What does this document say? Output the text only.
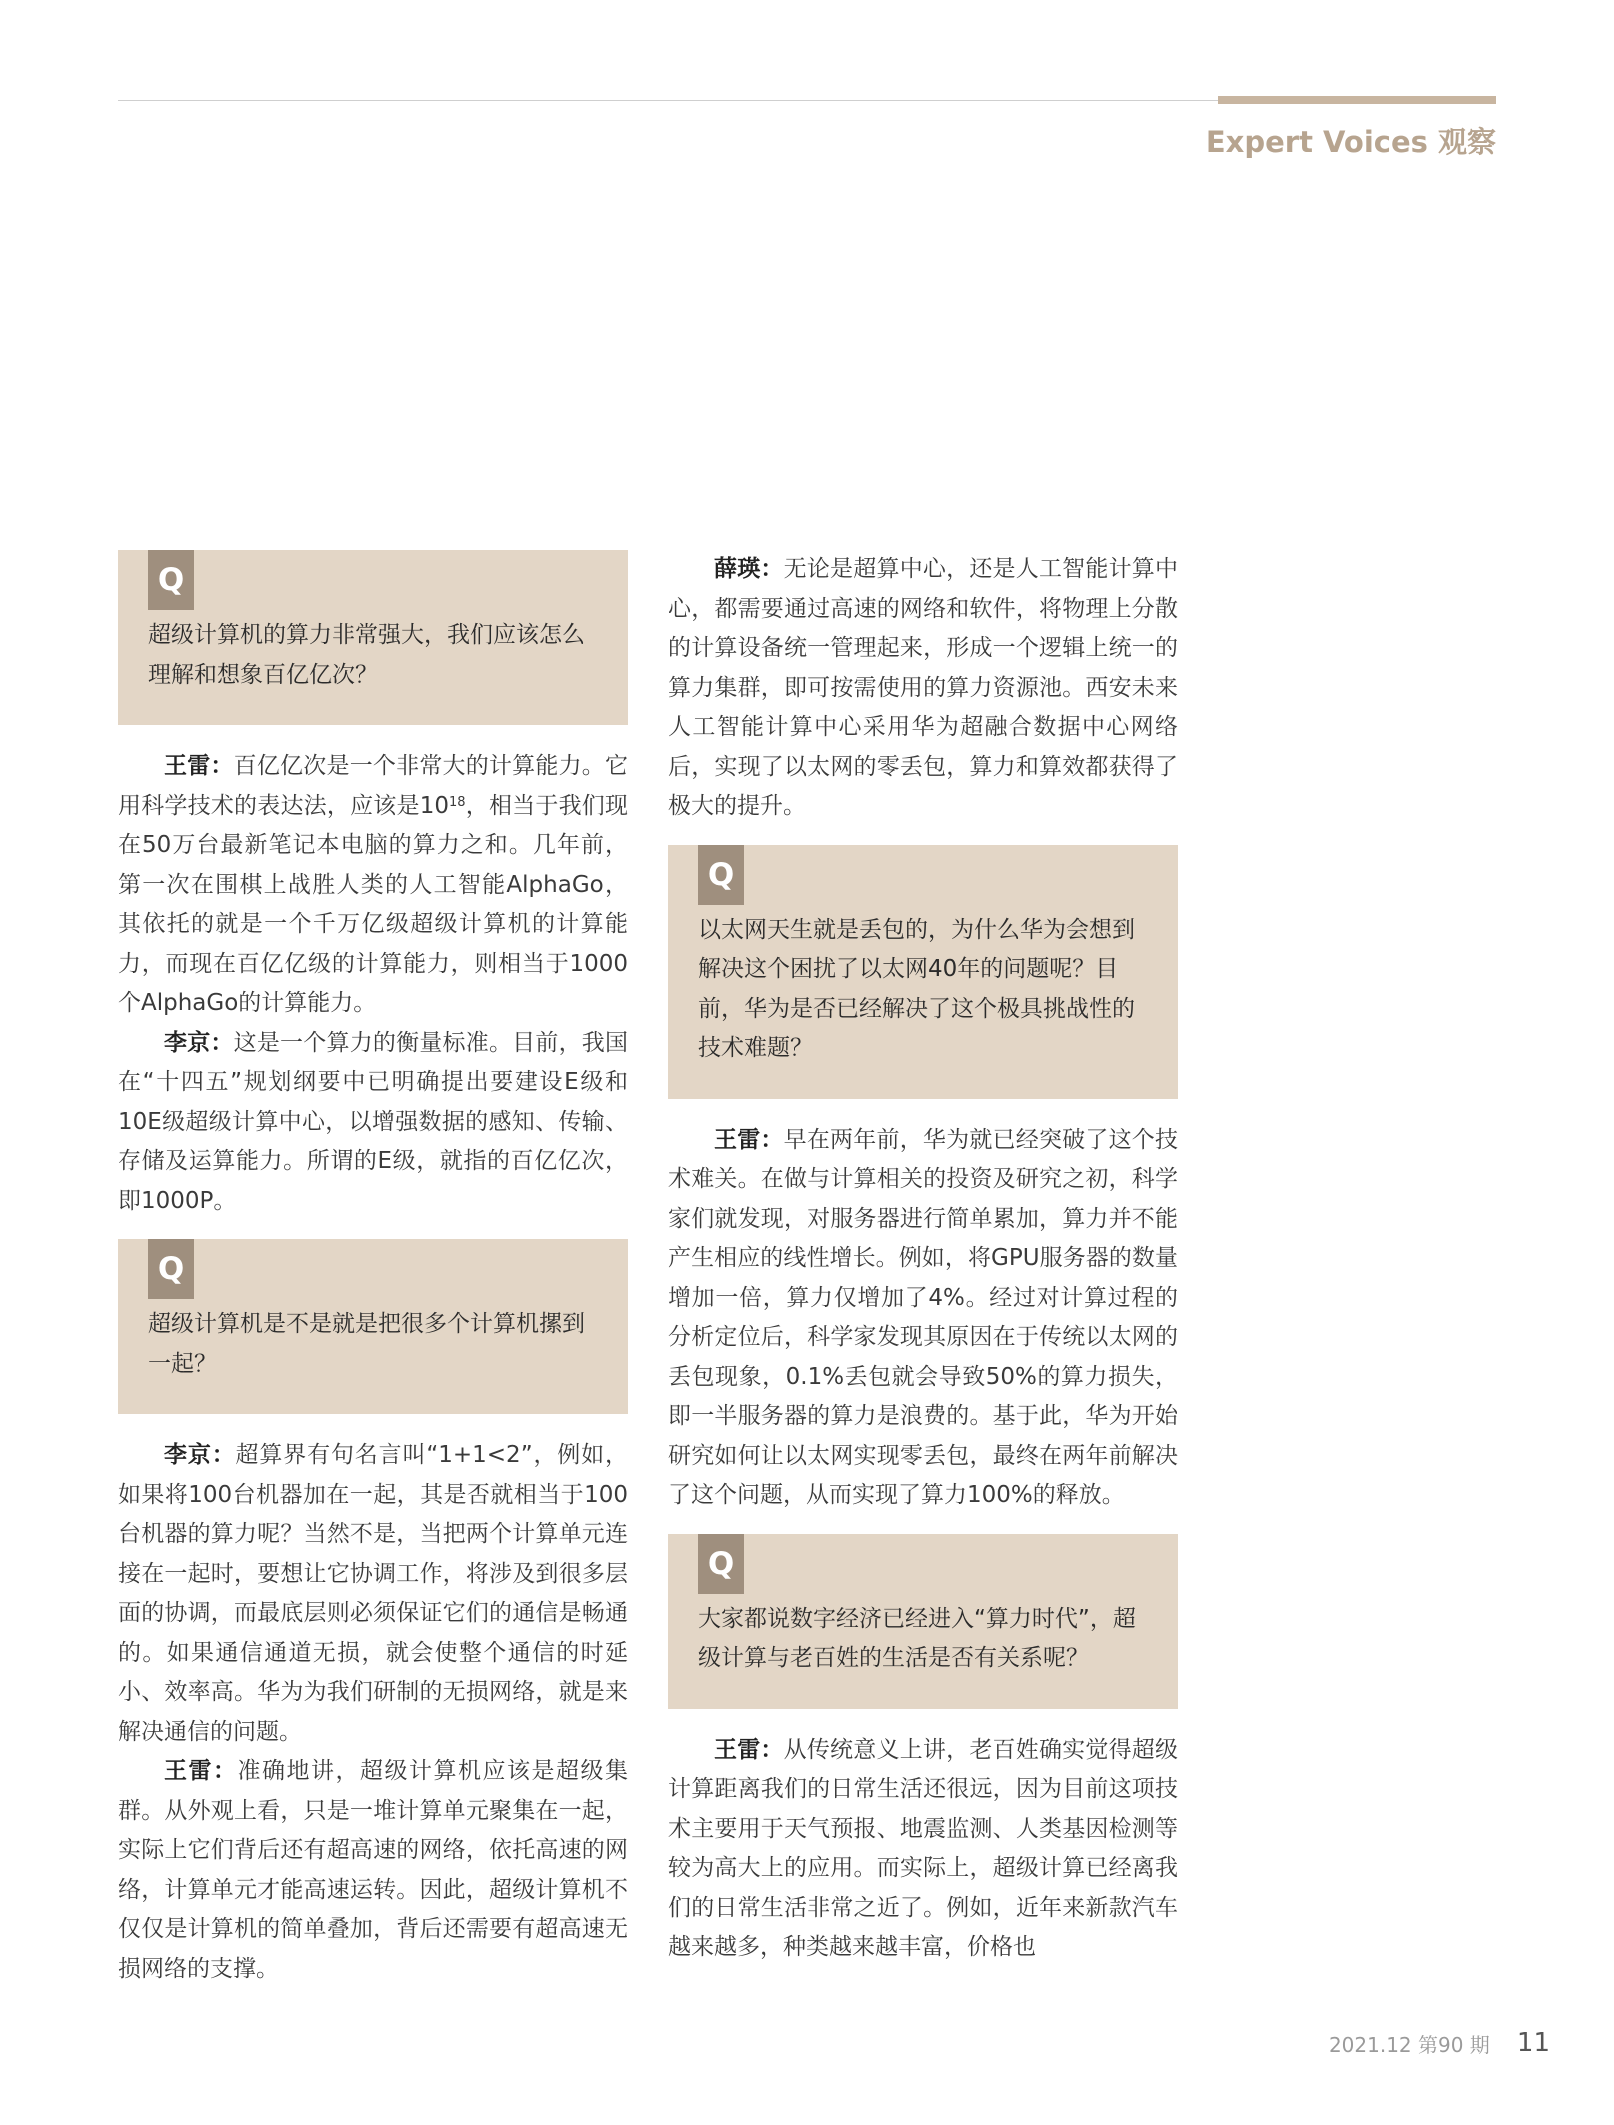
Expert Voices 观察
Q
超级计算机的算力非常强大，我们应该怎么理解和想象百亿亿次？

王雷：百亿亿次是一个非常大的计算能力。它用科学技术的表达法，应该是$10^{18}$，相当于我们现在50万台最新笔记本电脑的算力之和。几年前，第一次在围棋上战胜人类的人工智能AlphaGo，其依托的就是一个千万亿级超级计算机的计算能力，而现在百亿亿级的计算能力，则相当于1000个AlphaGo的计算能力。

李京：这是一个算力的衡量标准。目前，我国在“十四五”规划纲要中已明确提出要建设E级和10E级超级计算中心，以增强数据的感知、传输、存储及运算能力。所谓的E级，就指的百亿亿次，即1000P。

Q
超级计算机是不是就是把很多个计算机摞到一起？

李京：超算界有句名言叫“1+1<2”，例如，如果将100台机器加在一起，其是否就相当于100台机器的算力呢？当然不是，当把两个计算单元连接在一起时，要想让它协调工作，将涉及到很多层面的协调，而最底层则必须保证它们的通信是畅通的。如果通信通道无损，就会使整个通信的时延小、效率高。华为为我们研制的无损网络，就是来解决通信的问题。

王雷：准确地讲，超级计算机应该是超级集群。从外观上看，只是一堆计算单元聚集在一起，实际上它们背后还有超高速的网络，依托高速的网络，计算单元才能高速运转。因此，超级计算机不仅仅是计算机的简单叠加，背后还需要有超高速无损网络的支撑。

薛瑛：无论是超算中心，还是人工智能计算中心，都需要通过高速的网络和软件，将物理上分散的计算设备统一管理起来，形成一个逻辑上统一的算力集群，即可按需使用的算力资源池。西安未来人工智能计算中心采用华为超融合数据中心网络后，实现了以太网的零丢包，算力和算效都获得了极大的提升。

Q
以太网天生就是丢包的，为什么华为会想到解决这个困扰了以太网40年的问题呢？目前，华为是否已经解决了这个极具挑战性的技术难题？

王雷：早在两年前，华为就已经突破了这个技术难关。在做与计算相关的投资及研究之初，科学家们就发现，对服务器进行简单累加，算力并不能产生相应的线性增长。例如，将GPU服务器的数量增加一倍，算力仅增加了4%。经过对计算过程的分析定位后，科学家发现其原因在于传统以太网的丢包现象，0.1%丢包就会导致50%的算力损失，即一半服务器的算力是浪费的。基于此，华为开始研究如何让以太网实现零丢包，最终在两年前解决了这个问题，从而实现了算力100%的释放。

Q
大家都说数字经济已经进入“算力时代”，超级计算与老百姓的生活是否有关系呢？

王雷：从传统意义上讲，老百姓确实觉得超级计算距离我们的日常生活还很远，因为目前这项技术主要用于天气预报、地震监测、人类基因检测等较为高大上的应用。而实际上，超级计算已经离我们的日常生活非常之近了。例如，近年来新款汽车越来越多，种类越来越丰富，价格也

2021.12 第90 期 11
